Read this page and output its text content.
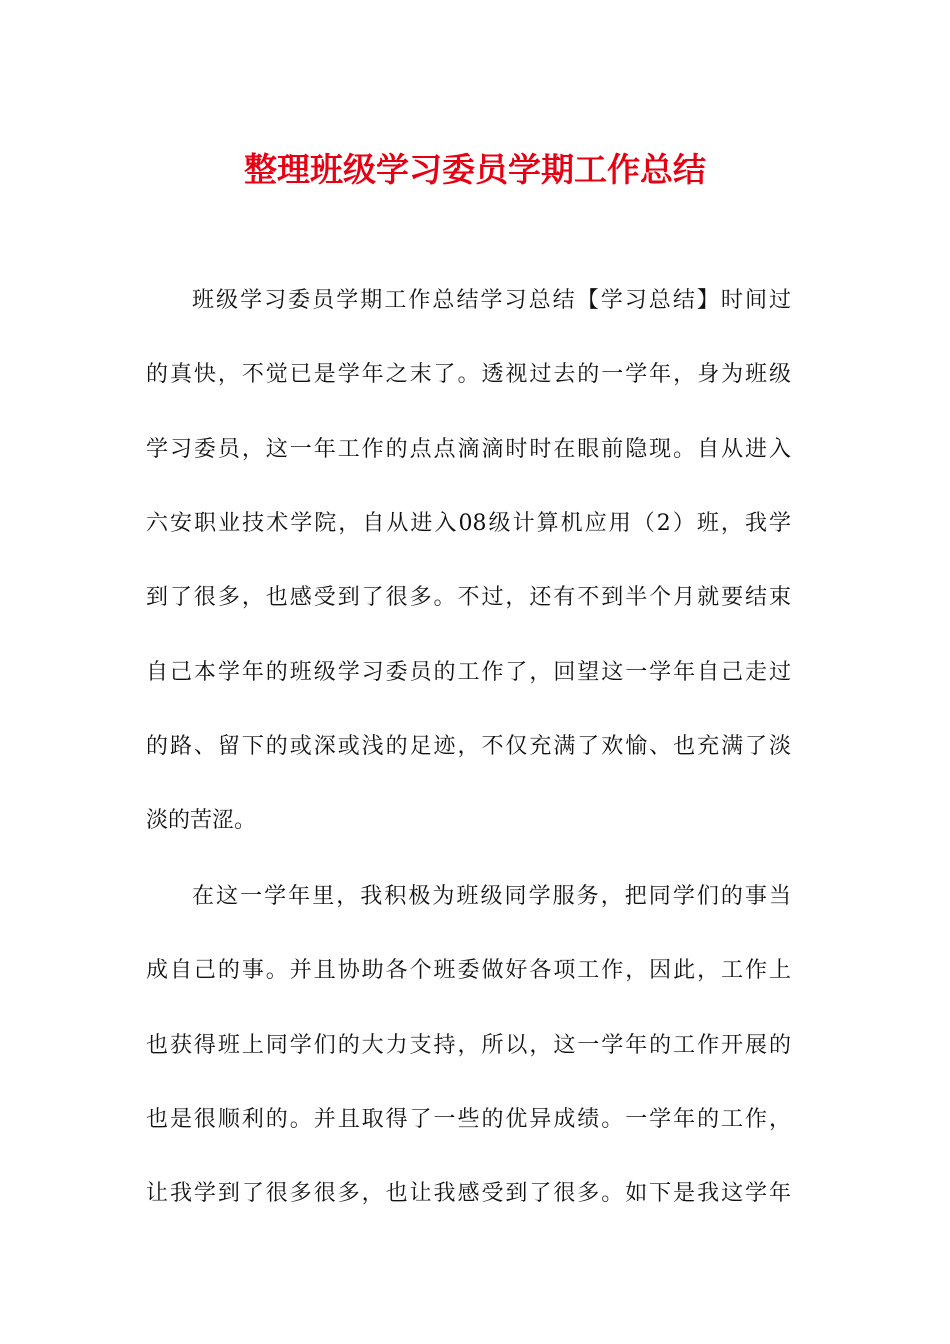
整理班级学习委员学期工作总结
班级学习委员学期工作总结学习总结【学习总结】时间过
的真快，不觉已是学年之末了。透视过去的一学年，身为班级
学习委员，这一年工作的点点滴滴时时在眼前隐现。自从进入
六安职业技术学院，自从进入08级计算机应用（2）班，我学
到了很多，也感受到了很多。不过，还有不到半个月就要结束
自己本学年的班级学习委员的工作了，回望这一学年自己走过
的路、留下的或深或浅的足迹，不仅充满了欢愉、也充满了淡
淡的苦涩。
在这一学年里，我积极为班级同学服务，把同学们的事当
成自己的事。并且协助各个班委做好各项工作，因此，工作上
也获得班上同学们的大力支持，所以，这一学年的工作开展的
也是很顺利的。并且取得了一些的优异成绩。一学年的工作，
让我学到了很多很多，也让我感受到了很多。如下是我这学年
